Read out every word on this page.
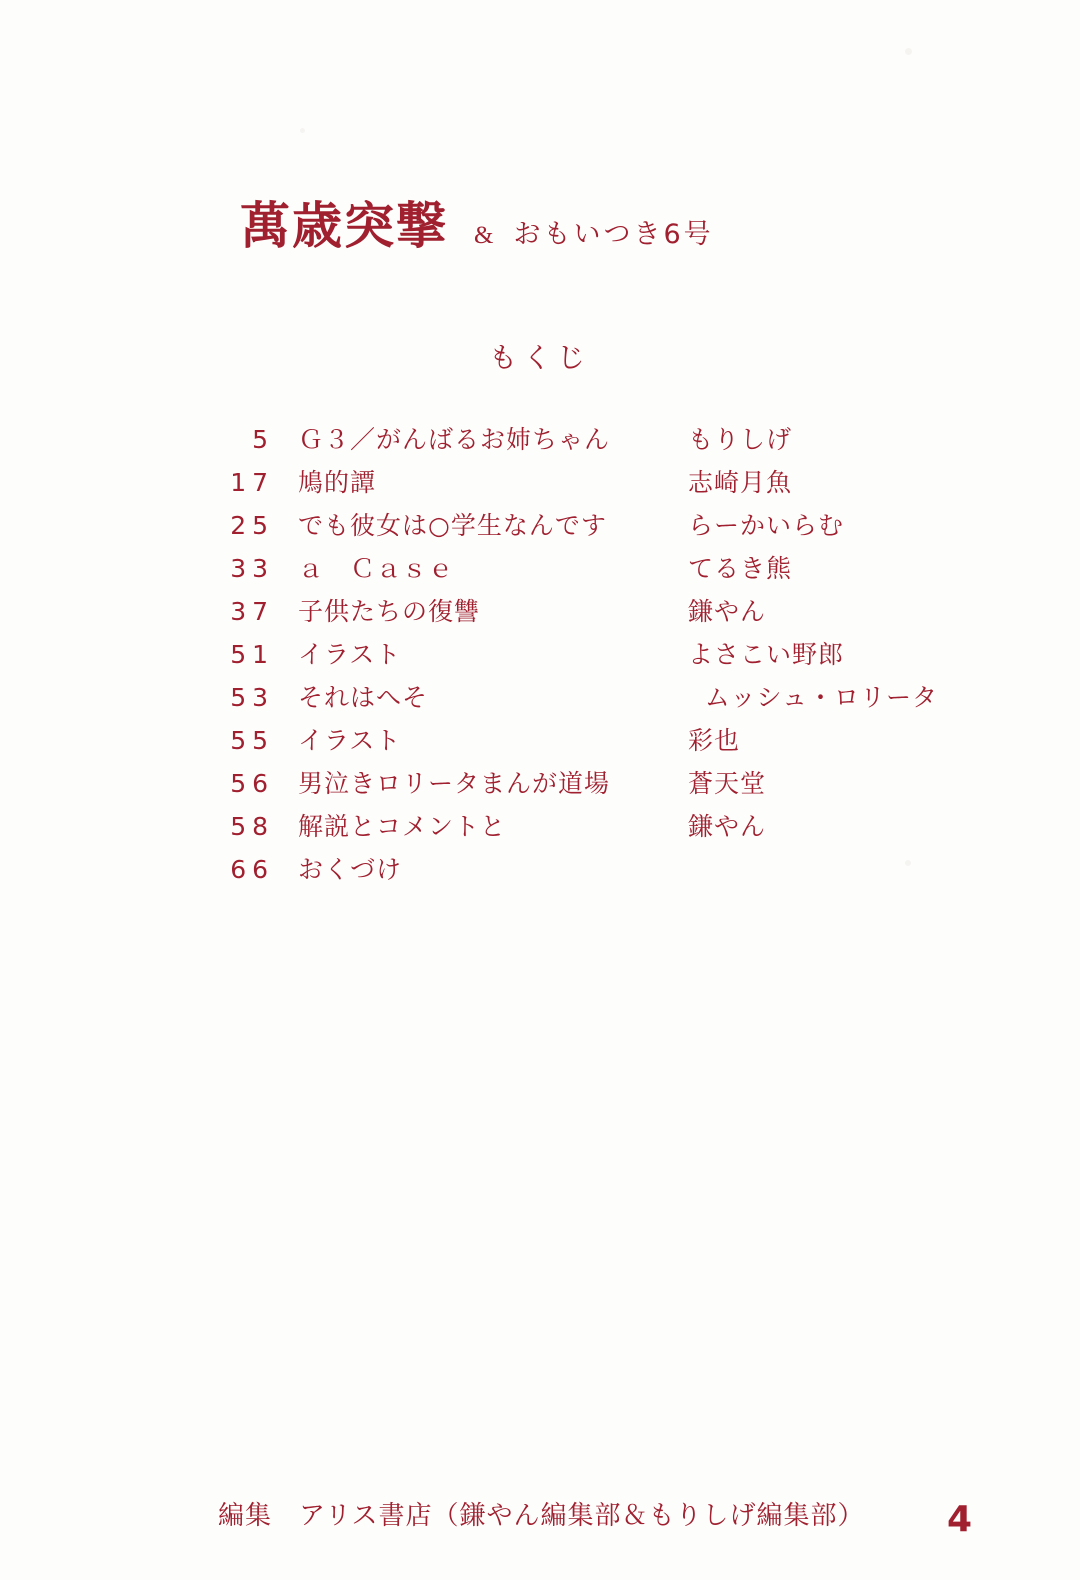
萬歳突撃 & おもいつき6号
もくじ
5 Ｇ３／がんばるお姉ちゃん	もりしげ
17 鳩的譚	志崎月魚
25 でも彼女は○学生なんです	らーかいらむ
33 ａ　Ｃａｓｅ	てるき熊
37 子供たちの復讐	鎌やん
51 イラスト	よさこい野郎
53 それはへそ	ムッシュ・ロリータ
55 イラスト	彩也
56 男泣きロリータまんが道場	蒼天堂
58 解説とコメントと	鎌やん
66 おくづけ
編集　アリス書店（鎌やん編集部＆もりしげ編集部） 4
